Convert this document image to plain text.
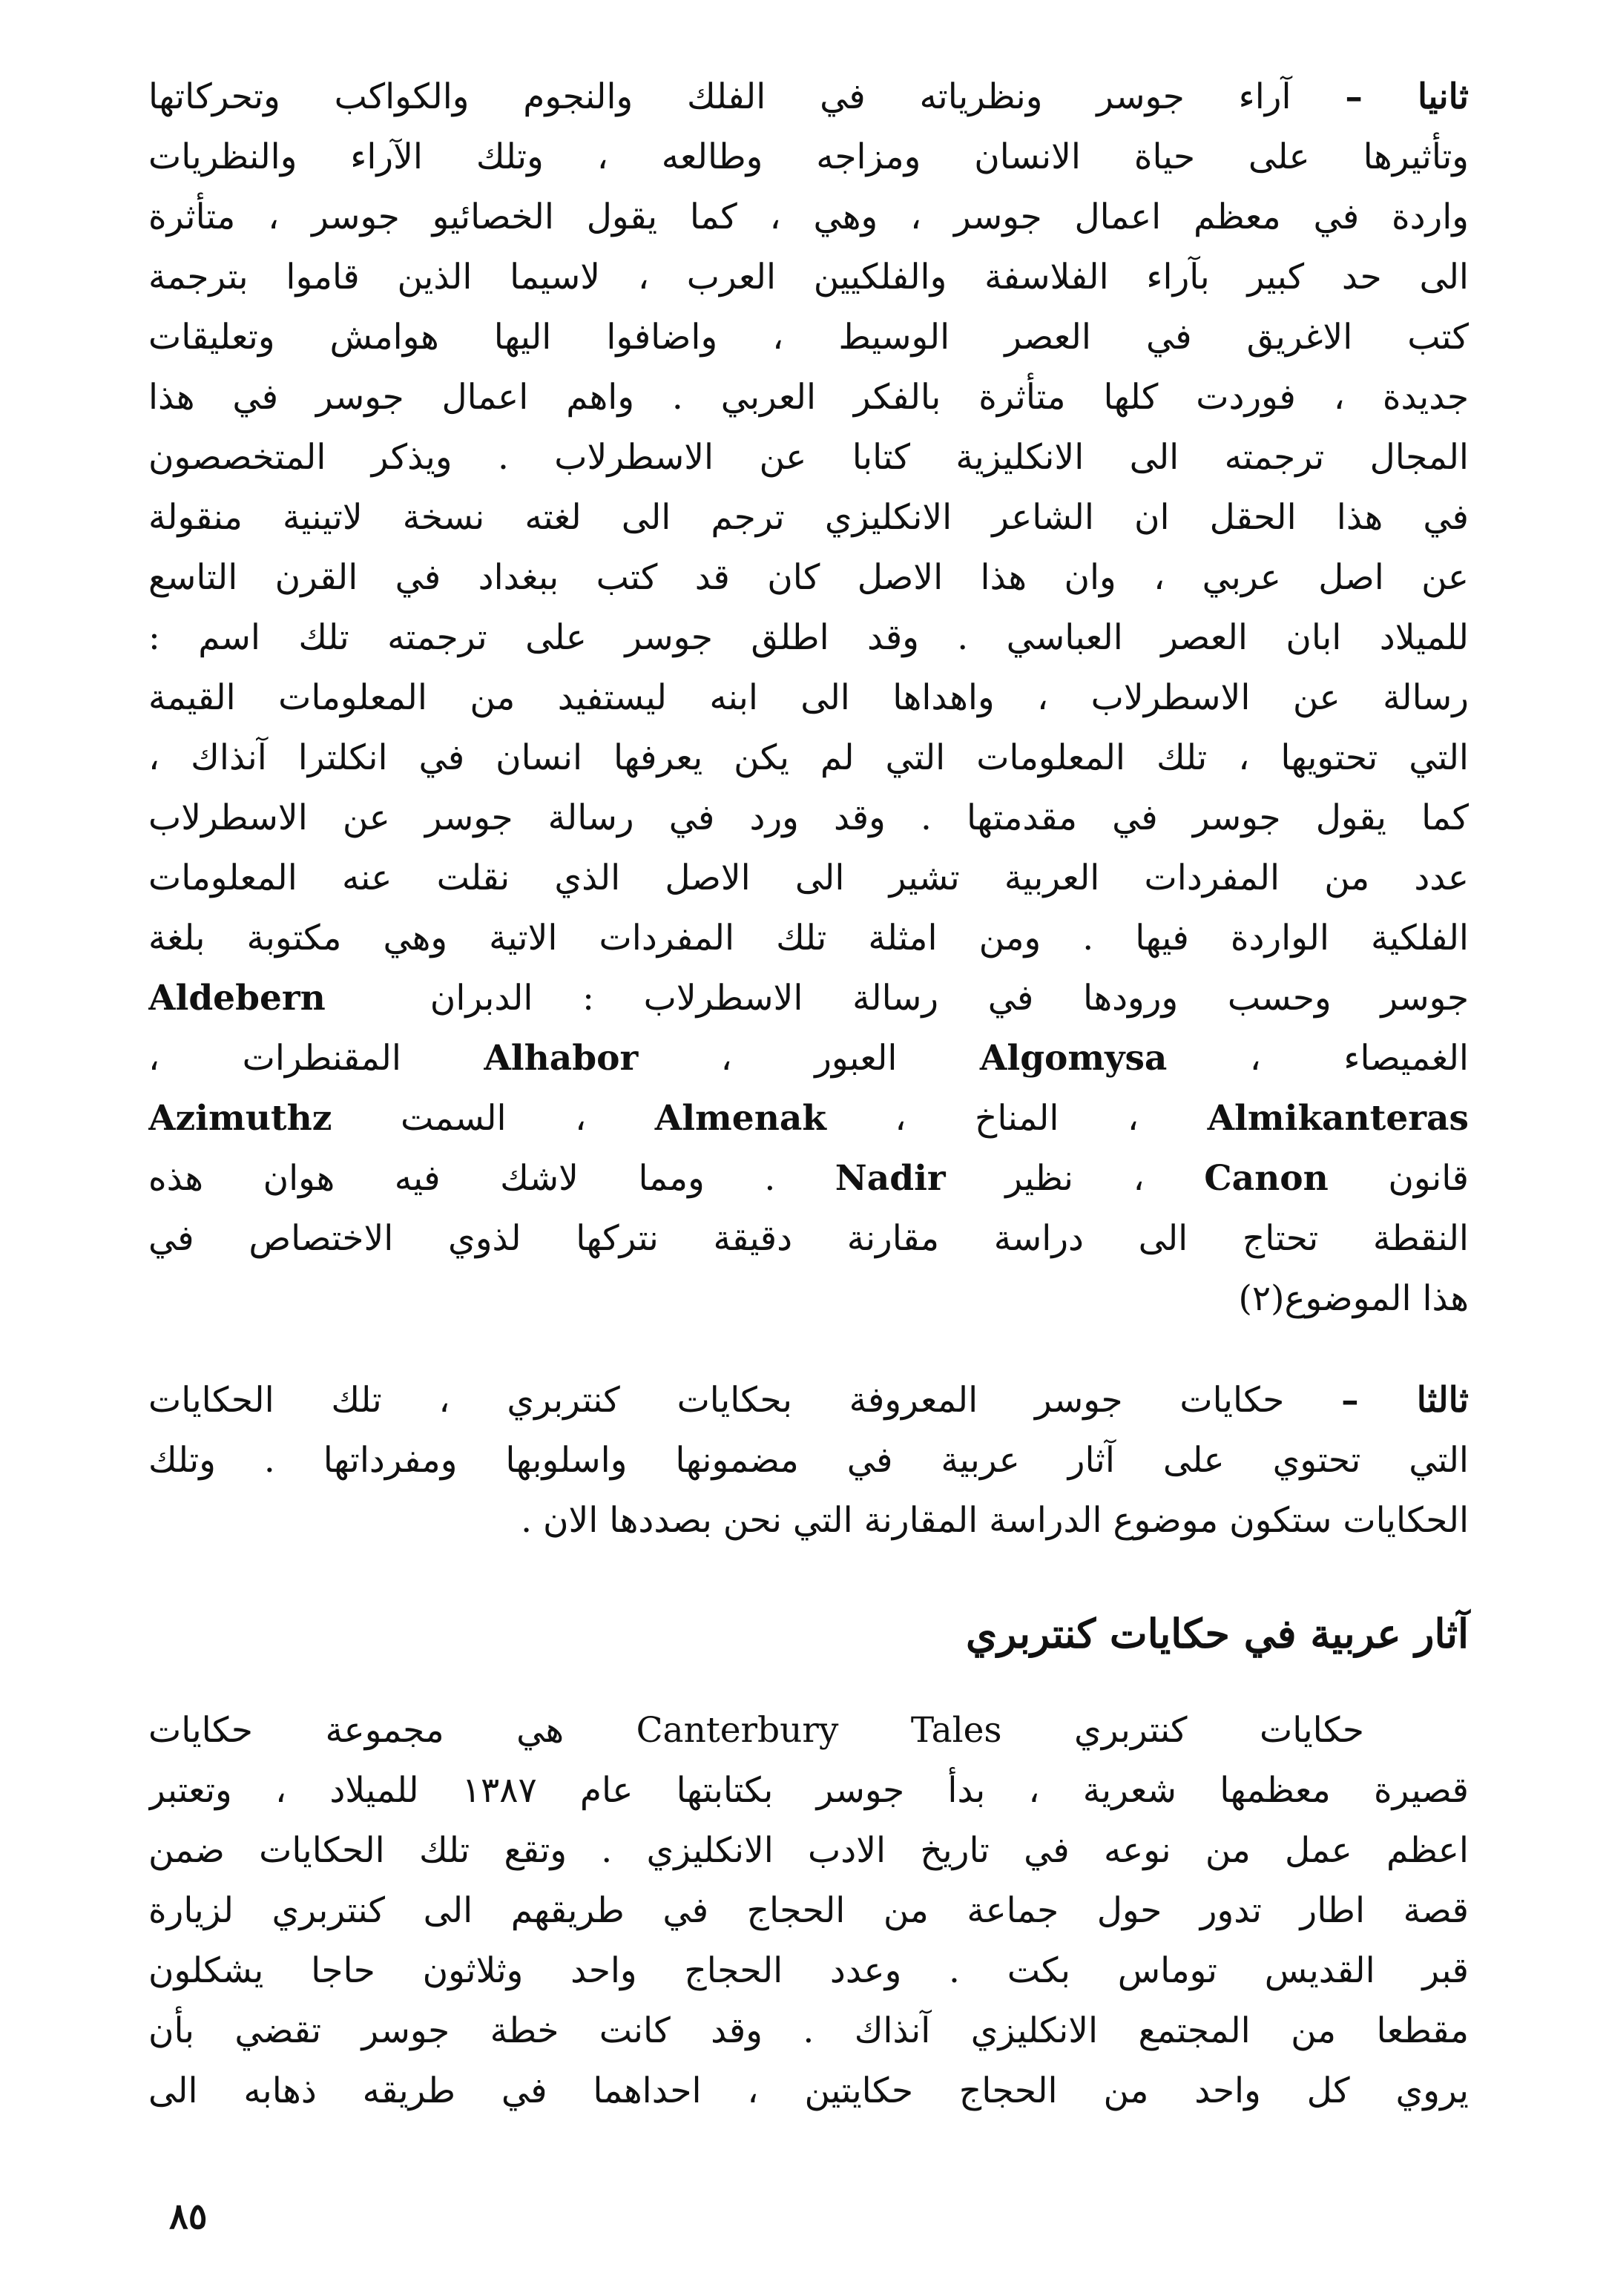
ثانيا – آراء جوسر ونظرياته في الفلك والنجوم والكواكب وتحركاتها
وتأثيرها على حياة الانسان ومزاجه وطالعه ، وتلك الآراء والنظريات
واردة في معظم اعمال جوسر ، وهي ، كما يقول الخصائيو جوسر ، متأثرة
الى حد كبير بآراء الفلاسفة والفلكيين العرب ، لاسيما الذين قاموا بترجمة
كتب الاغريق في العصر الوسيط ، واضافوا اليها هوامش وتعليقات
جديدة ، فوردت كلها متأثرة بالفكر العربي . واهم اعمال جوسر في هذا
المجال ترجمته الى الانكليزية كتابا عن الاسطرلاب . ويذكر المتخصصون
في هذا الحقل ان الشاعر الانكليزي ترجم الى لغته نسخة لاتينية منقولة
عن اصل عربي ، وان هذا الاصل كان قد كتب ببغداد في القرن التاسع
للميلاد ابان العصر العباسي . وقد اطلق جوسر على ترجمته تلك اسم :
رسالة عن الاسطرلاب ، واهداها الى ابنه ليستفيد من المعلومات القيمة
التي تحتويها ، تلك المعلومات التي لم يكن يعرفها انسان في انكلترا آنذاك ،
كما يقول جوسر في مقدمتها . وقد ورد في رسالة جوسر عن الاسطرلاب
عدد من المفردات العربية تشير الى الاصل الذي نقلت عنه المعلومات
الفلكية الواردة فيها . ومن امثلة تلك المفردات الاتية وهي مكتوبة بلغة
جوسر وحسب ورودها في رسالة الاسطرلاب : الدبران   Aldebern
الغميصاء ، Algomysa العبور ، Alhabor المقنطرات ،
Almikanteras ، المناخ ، Almenak ، السمت Azimuthz
قانون Canon ، نظير Nadir . ومما لاشك فيه هوان هذه
النقطة تحتاج الى دراسة مقارنة دقيقة نتركها لذوي الاختصاص في
هذا الموضوع(٢)
ثالثا – حكايات جوسر المعروفة بحكايات كنتربري ، تلك الحكايات
التي تحتوي على آثار عربية في مضمونها واسلوبها ومفرداتها . وتلك
الحكايات ستكون موضوع الدراسة المقارنة التي نحن بصددها الان .
آثار عربية في حكايات كنتربري
   حكايات كنتربري Canterbury Tales هي مجموعة حكايات
قصيرة معظمها شعرية ، بدأ جوسر بكتابتها عام ١٣٨٧ للميلاد ، وتعتبر
اعظم عمل من نوعه في تاريخ الادب الانكليزي . وتقع تلك الحكايات ضمن
قصة اطار تدور حول جماعة من الحجاج في طريقهم الى كنتربري لزيارة
قبر القديس توماس بكت . وعدد الحجاج واحد وثلاثون حاجا يشكلون
مقطعا من المجتمع الانكليزي آنذاك . وقد كانت خطة جوسر تقضي بأن
يروي كل واحد من الحجاج حكايتين ، احداهما في طريقه ذهابه الى
٨٥
